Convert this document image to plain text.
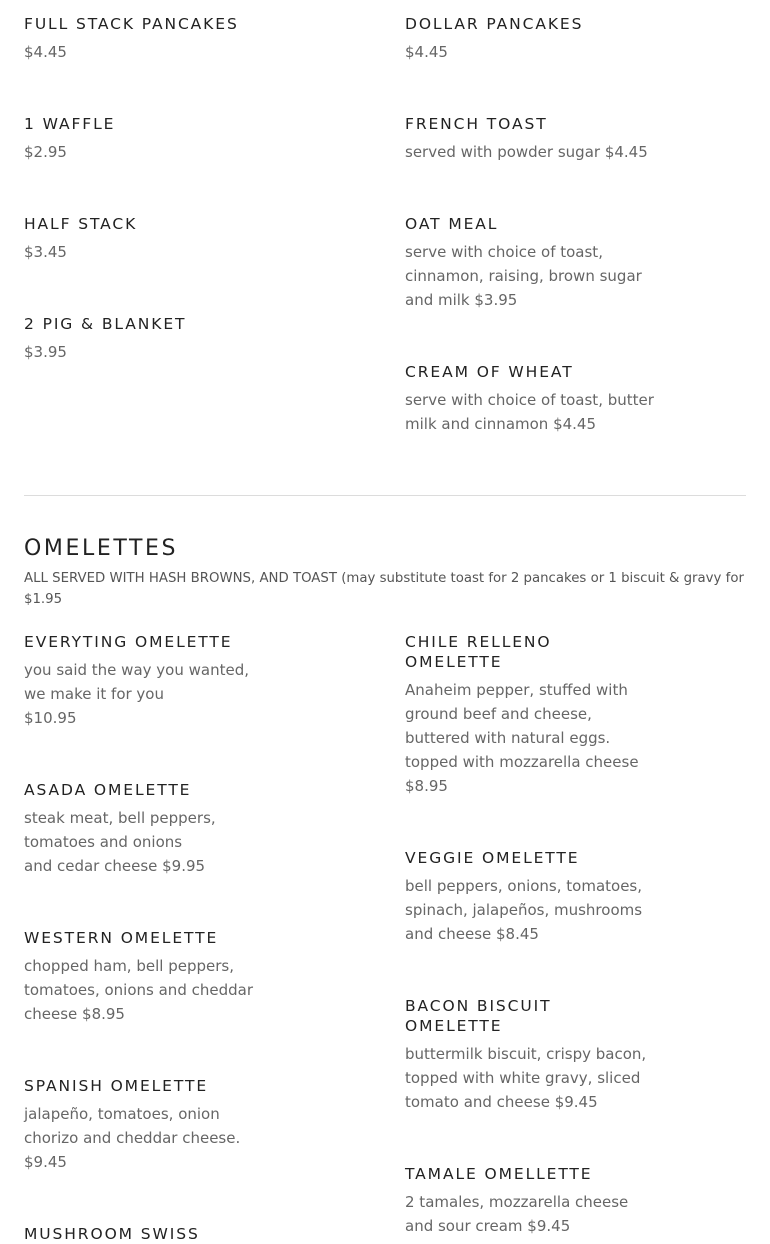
FULL STACK PANCAKES
$4.45
1 WAFFLE
$2.95
HALF STACK
$3.45
2 PIG & BLANKET
$3.95
DOLLAR PANCAKES
$4.45
FRENCH TOAST
served with powder sugar $4.45
OAT MEAL
serve with choice of toast,
cinnamon, raising, brown sugar
and milk $3.95
CREAM OF WHEAT
serve with choice of toast, butter
milk and cinnamon $4.45
OMELETTES
ALL SERVED WITH HASH BROWNS, AND TOAST (may substitute toast for 2 pancakes or 1 biscuit & gravy for $1.95
EVERYTING OMELETTE
you said the way you wanted,
we make it for you
$10.95
ASADA OMELETTE
steak meat, bell peppers,
tomatoes and onions
and cedar cheese $9.95
WESTERN OMELETTE
chopped ham, bell peppers,
tomatoes, onions and cheddar
cheese $8.95
SPANISH OMELETTE
jalapeño, tomatoes, onion
chorizo and cheddar cheese.
$9.45
MUSHROOM SWISS
CHILE RELLENO
OMELETTE
Anaheim pepper, stuffed with
ground beef and cheese,
buttered with natural eggs.
topped with mozzarella cheese
$8.95
VEGGIE OMELETTE
bell peppers, onions, tomatoes,
spinach, jalapeños, mushrooms
and cheese $8.45
BACON BISCUIT
OMELETTE
buttermilk biscuit, crispy bacon,
topped with white gravy, sliced
tomato and cheese $9.45
TAMALE OMELLETTE
2 tamales, mozzarella cheese
and sour cream $9.45
